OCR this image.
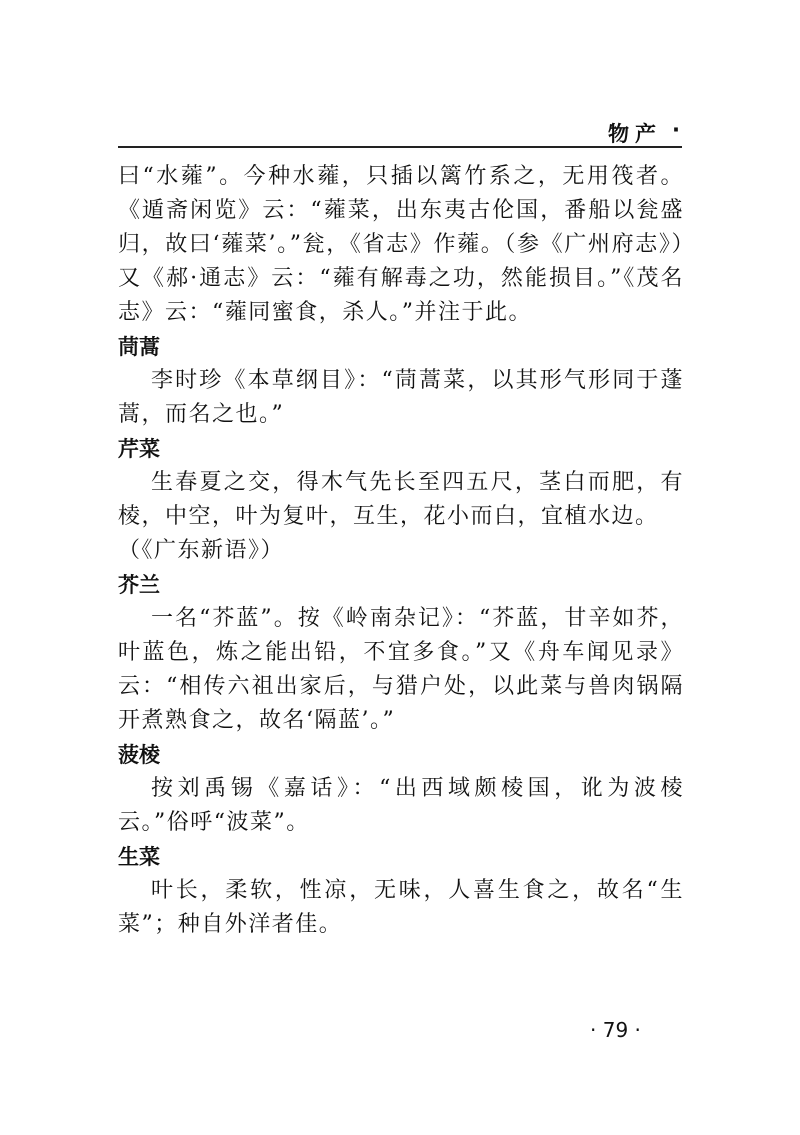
物产 ·

曰“水蕹”。今种水蕹，只插以篱竹系之，无用筏者。《遁斋闲览》云：“蕹菜，出东夷古伦国，番船以瓮盛归，故曰‘蕹菜’。”瓮，《省志》作蕹。（参《广州府志》）又《郝·通志》云：“蕹有解毒之功，然能损目。”《茂名志》云：“蕹同蜜食，杀人。”并注于此。

茼蒿

李时珍《本草纲目》：“茼蒿菜，以其形气形同于蓬蒿，而名之也。”

芹菜

生春夏之交，得木气先长至四五尺，茎白而肥，有棱，中空，叶为复叶，互生，花小而白，宜植水边。

（《广东新语》）

芥兰

一名“芥蓝”。按《岭南杂记》：“芥蓝，甘辛如芥，叶蓝色，炼之能出铅，不宜多食。”又《舟车闻见录》云：“相传六祖出家后，与猎户处，以此菜与兽肉锅隔开煮熟食之，故名‘隔蓝’。”

菠棱

按刘禹锡《嘉话》：“出西域颇棱国，讹为波棱云。”俗呼“波菜”。

生菜

叶长，柔软，性凉，无味，人喜生食之，故名“生菜”；种自外洋者佳。

· 79 ·
